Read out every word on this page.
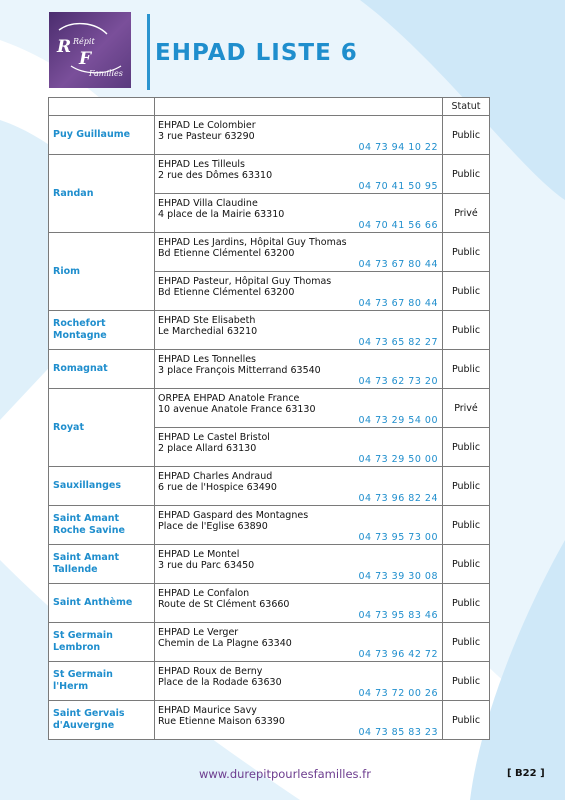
R Répit
F
Familles
EHPAD LISTE 6
		Statut
Puy Guillaume	EHPAD Le Colombier
3 rue Pasteur 63290
04 73 94 10 22	Public
Randan	EHPAD Les Tilleuls
2 rue des Dômes 63310
04 70 41 50 95	Public

	EHPAD Villa Claudine
4 place de la Mairie 63310
04 70 41 56 66	Privé
Riom	EHPAD Les Jardins, Hôpital Guy Thomas
Bd Etienne Clémentel 63200
04 73 67 80 44	Public

	EHPAD Pasteur, Hôpital Guy Thomas
Bd Etienne Clémentel 63200
04 73 67 80 44	Public
Rochefort Montagne	EHPAD Ste Elisabeth
Le Marchedial 63210
04 73 65 82 27	Public
Romagnat	EHPAD Les Tonnelles
3 place François Mitterrand 63540
04 73 62 73 20	Public
Royat	ORPEA EHPAD Anatole France
10 avenue Anatole France 63130
04 73 29 54 00	Privé

	EHPAD Le Castel Bristol
2 place Allard 63130
04 73 29 50 00	Public
Sauxillanges	EHPAD Charles Andraud
6 rue de l'Hospice 63490
04 73 96 82 24	Public
Saint Amant Roche Savine	EHPAD Gaspard des Montagnes
Place de l'Eglise 63890
04 73 95 73 00	Public
Saint Amant Tallende	EHPAD Le Montel
3 rue du Parc 63450
04 73 39 30 08	Public
Saint Anthème	EHPAD Le Confalon
Route de St Clément 63660
04 73 95 83 46	Public
St Germain Lembron	EHPAD Le Verger
Chemin de La Plagne 63340
04 73 96 42 72	Public
St Germain l'Herm	EHPAD Roux de Berny
Place de la Rodade 63630
04 73 72 00 26	Public
Saint Gervais d'Auvergne	EHPAD Maurice Savy
Rue Etienne Maison 63390
04 73 85 83 23	Public

www.durepitpourlesfamilles.fr	[ B22 ]
